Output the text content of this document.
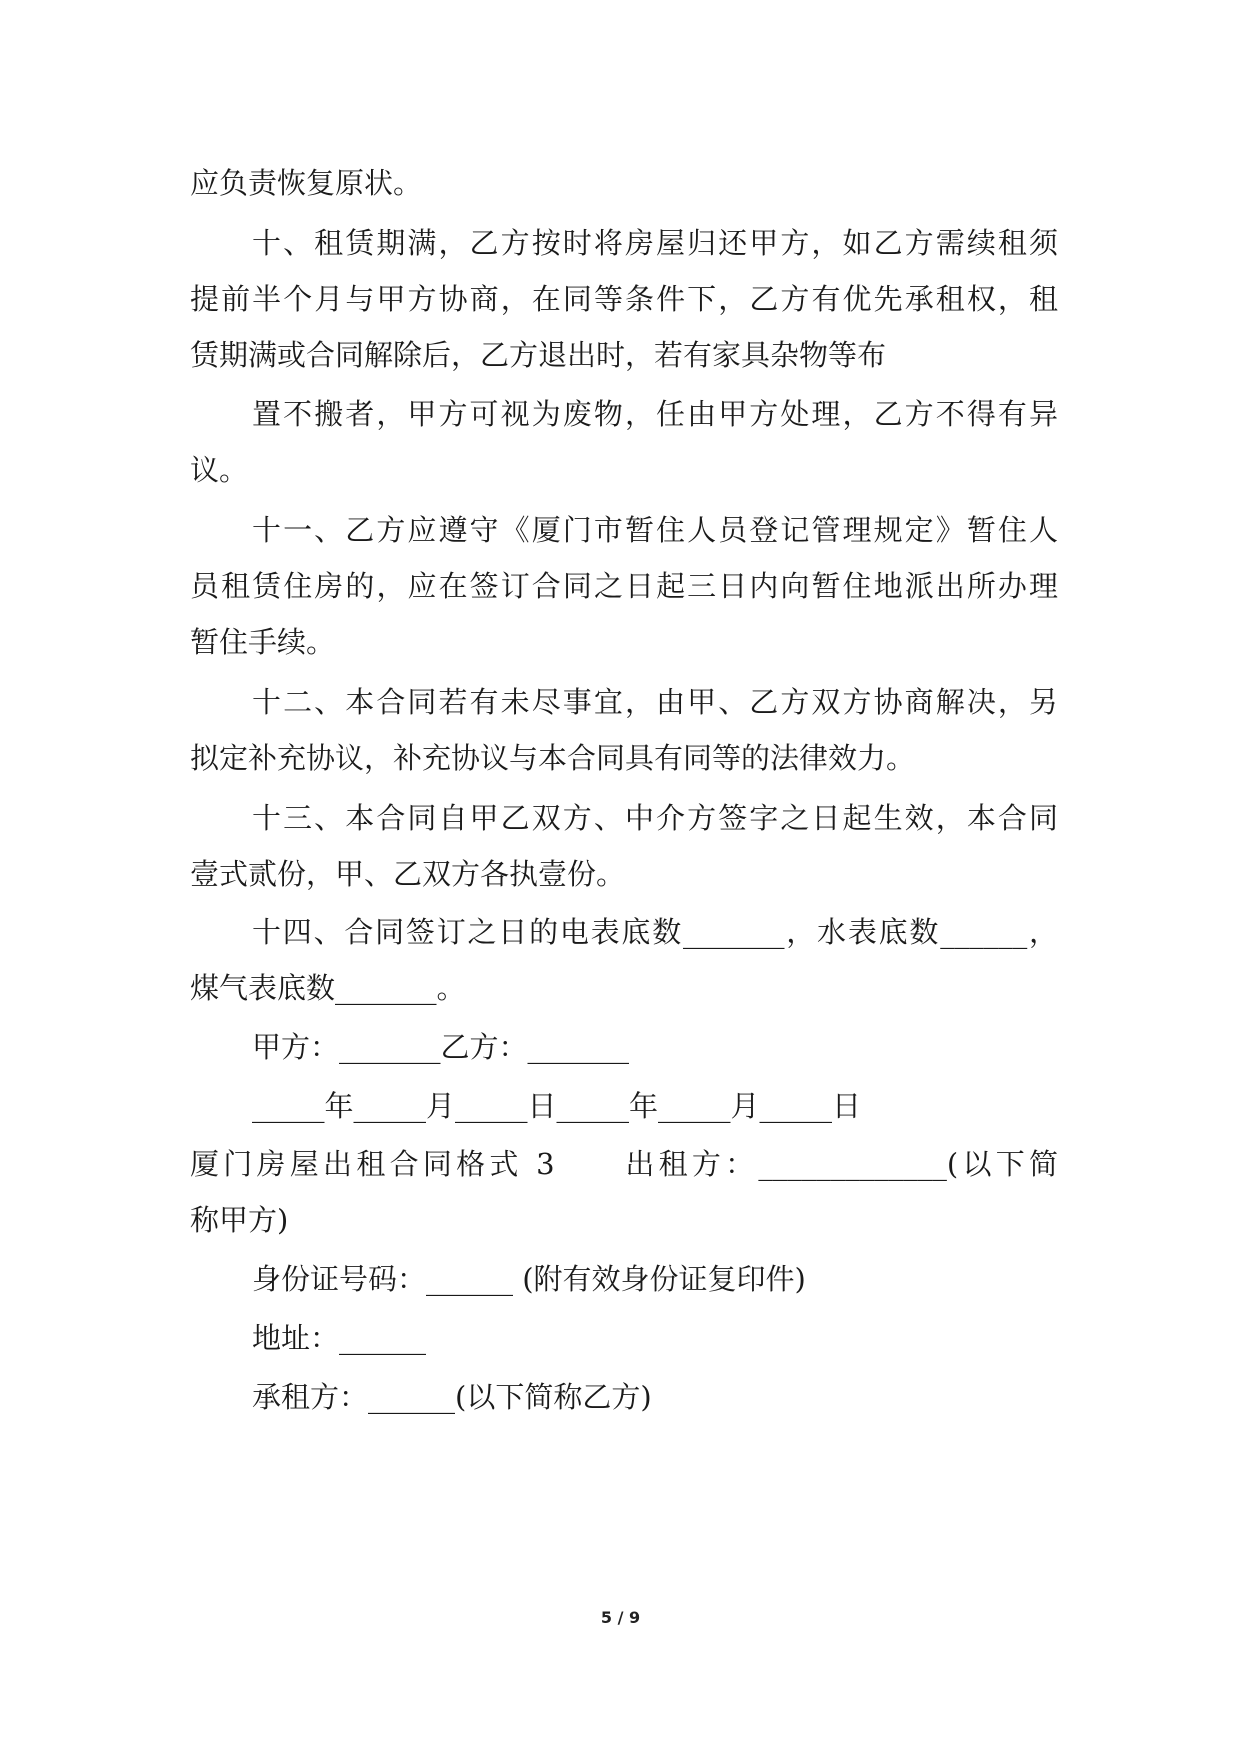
应负责恢复原状。

十、租赁期满，乙方按时将房屋归还甲方，如乙方需续租须

提前半个月与甲方协商，在同等条件下，乙方有优先承租权，租

赁期满或合同解除后，乙方退出时，若有家具杂物等布

置不搬者，甲方可视为废物，任由甲方处理，乙方不得有异

议。

十一、乙方应遵守《厦门市暂住人员登记管理规定》暂住人

员租赁住房的，应在签订合同之日起三日内向暂住地派出所办理

暂住手续。

十二、本合同若有未尽事宜，由甲、乙方双方协商解决，另

拟定补充协议，补充协议与本合同具有同等的法律效力。

十三、本合同自甲乙双方、中介方签字之日起生效，本合同

壹式贰份，甲、乙双方各执壹份。

十四、合同签订之日的电表底数_______，水表底数______，

煤气表底数_______。

甲方：_______乙方：_______

_____年_____月_____日_____年_____月_____日

厦门房屋出租合同格式 3　　出租方：_____________(以下简

称甲方)

身份证号码：______ (附有效身份证复印件)

地址：______

承租方：______(以下简称乙方)

5 / 9
